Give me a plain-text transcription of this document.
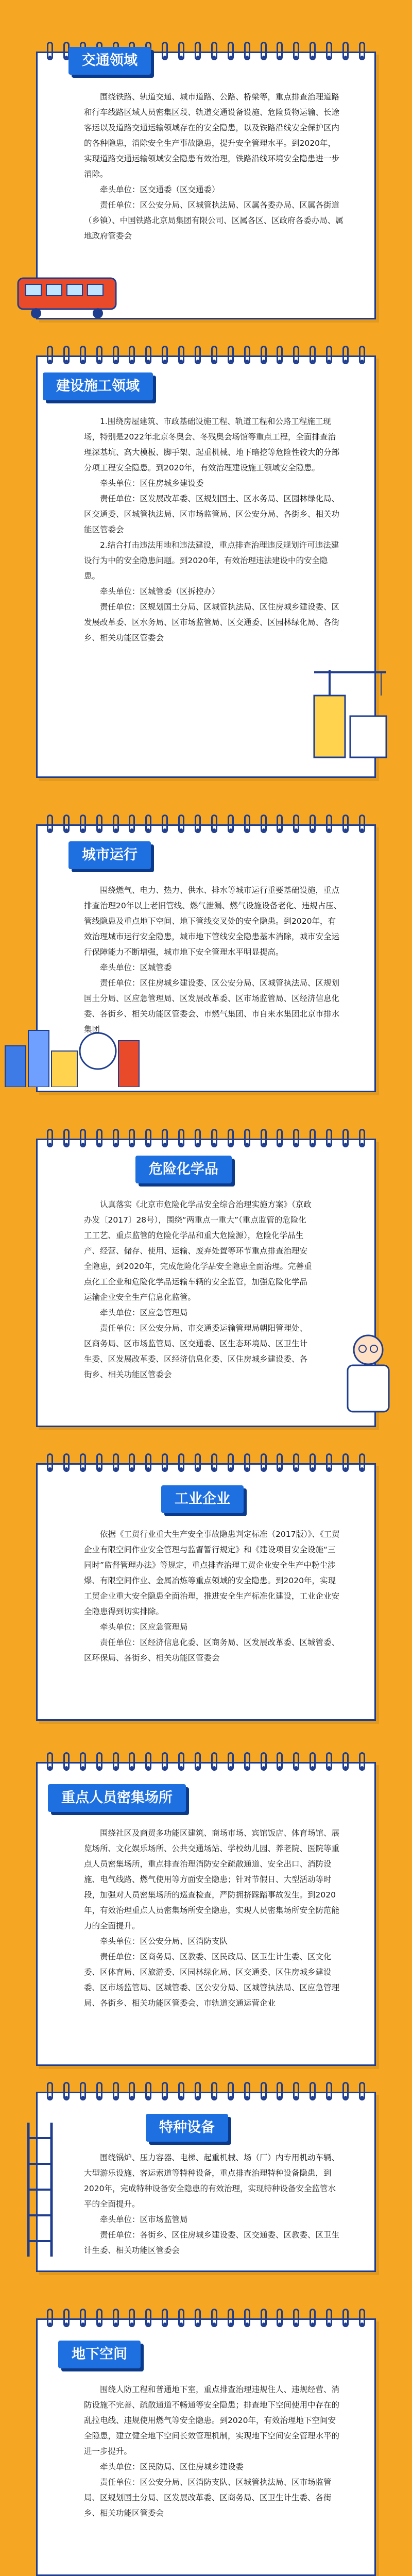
交通领域

围绕铁路、轨道交通、城市道路、公路、桥梁等，重点排查治理道路和行车线路区域人员密集区段、轨道交通设备设施、危险货物运输、长途客运以及道路交通运输领域存在的安全隐患，以及铁路沿线安全保护区内的各种隐患，消除安全生产事故隐患，提升安全管理水平。到2020年，实现道路交通运输领域安全隐患有效治理，铁路沿线环境安全隐患进一步消除。

牵头单位：区交通委（区交通委）

责任单位：区公安分局、区城管执法局、区属各委办局、区属各街道（乡镇）、中国铁路北京局集团有限公司、区属各区、区政府各委办局、属地政府管委会

建设施工领域

1.围绕房屋建筑、市政基础设施工程、轨道工程和公路工程施工现场，特别是2022年北京冬奥会、冬残奥会场馆等重点工程，全面排查治理深基坑、高大模板、脚手架、起重机械、地下暗挖等危险性较大的分部分项工程安全隐患。到2020年，有效治理建设施工领域安全隐患。

牵头单位：区住房城乡建设委

责任单位：区发展改革委、区规划国土、区水务局、区园林绿化局、区交通委、区城管执法局、区市场监管局、区公安分局、各街乡、相关功能区管委会

2.结合打击违法用地和违法建设，重点排查治理违反规划许可违法建设行为中的安全隐患问题。到2020年，有效治理违法建设中的安全隐患。

牵头单位：区城管委（区拆控办）

责任单位：区规划国土分局、区城管执法局、区住房城乡建设委、区发展改革委、区水务局、区市场监管局、区交通委、区园林绿化局、各街乡、相关功能区管委会

城市运行

围绕燃气、电力、热力、供水、排水等城市运行重要基础设施，重点排查治理20年以上老旧管线、燃气泄漏、燃气设施设备老化、违规占压、管线隐患及重点地下空间、地下管线交叉处的安全隐患。到2020年，有效治理城市运行安全隐患，城市地下管线安全隐患基本消除，城市安全运行保障能力不断增强，城市地下安全管理水平明显提高。

牵头单位：区城管委

责任单位：区住房城乡建设委、区公安分局、区城管执法局、区规划国土分局、区应急管理局、区发展改革委、区市场监管局、区经济信息化委、各街乡、相关功能区管委会、市燃气集团、市自来水集团北京市排水集团

危险化学品

认真落实《北京市危险化学品安全综合治理实施方案》（京政办发〔2017〕28号），围绕“两重点一重大”（重点监管的危险化工工艺、重点监管的危险化学品和重大危险源），危险化学品生产、经营、储存、使用、运输、废弃处置等环节重点排查治理安全隐患，到2020年，完成危险化学品安全隐患全面治理。完善重点化工企业和危险化学品运输车辆的安全监管，加强危险化学品运输企业安全生产信息化监管。

牵头单位：区应急管理局

责任单位：区公安分局、市交通委运输管理局朝阳管理处、区商务局、区市场监管局、区交通委、区生态环境局、区卫生计生委、区发展改革委、区经济信息化委、区住房城乡建设委、各街乡、相关功能区管委会

工业企业

依据《工贸行业重大生产安全事故隐患判定标准（2017版）》、《工贸企业有限空间作业安全管理与监督暂行规定》和《建设项目安全设施“三同时”监督管理办法》等规定，重点排查治理工贸企业安全生产中粉尘涉爆、有限空间作业、金属冶炼等重点领域的安全隐患。到2020年，实现工贸企业重大安全隐患全面治理，推进安全生产标准化建设，工业企业安全隐患得到切实排除。

牵头单位：区应急管理局

责任单位：区经济信息化委、区商务局、区发展改革委、区城管委、区环保局、各街乡、相关功能区管委会

重点人员密集场所

围绕社区及商贸多功能区建筑、商场市场、宾馆饭店、体育场馆、展览场所、文化娱乐场所、公共交通场站、学校幼儿园、养老院、医院等重点人员密集场所，重点排查治理消防安全疏散通道、安全出口、消防设施、电气线路、燃气使用等方面安全隐患；针对节假日、大型活动等时段，加强对人员密集场所的巡查检查，严防拥挤踩踏事故发生。到2020年，有效治理重点人员密集场所安全隐患，实现人员密集场所安全防范能力的全面提升。

牵头单位：区公安分局、区消防支队

责任单位：区商务局、区教委、区民政局、区卫生计生委、区文化委、区体育局、区旅游委、区园林绿化局、区交通委、区住房城乡建设委、区市场监管局、区城管委、区公安分局、区城管执法局、区应急管理局、各街乡、相关功能区管委会、市轨道交通运营企业

特种设备

围绕锅炉、压力容器、电梯、起重机械、场（厂）内专用机动车辆、大型游乐设施、客运索道等特种设备，重点排查治理特种设备隐患，到2020年，完成特种设备安全隐患的有效治理，实现特种设备安全监管水平的全面提升。

牵头单位：区市场监管局

责任单位：各街乡、区住房城乡建设委、区交通委、区教委、区卫生计生委、相关功能区管委会

地下空间

围绕人防工程和普通地下室，重点排查治理违规住人、违规经营、消防设施不完善、疏散通道不畅通等安全隐患；排查地下空间使用中存在的乱拉电线、违规使用燃气等安全隐患。到2020年，有效治理地下空间安全隐患，建立健全地下空间长效管理机制，实现地下空间安全管理水平的进一步提升。

牵头单位：区民防局、区住房城乡建设委

责任单位：区公安分局、区消防支队、区城管执法局、区市场监管局、区规划国土分局、区发展改革委、区商务局、区卫生计生委、各街乡、相关功能区管委会
